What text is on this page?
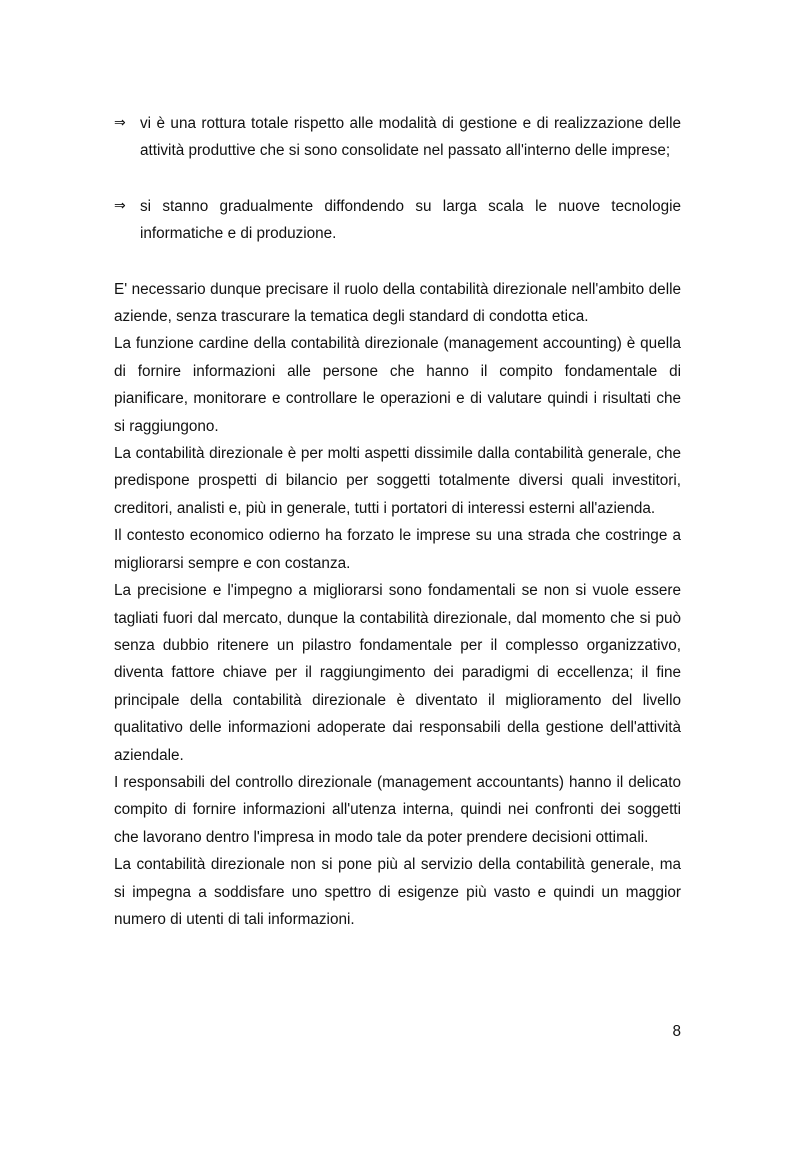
⇒ vi è una rottura totale rispetto alle modalità di gestione e di realizzazione delle attività produttive che si sono consolidate nel passato all'interno delle imprese;
⇒ si stanno gradualmente diffondendo su larga scala le nuove tecnologie informatiche e di produzione.

E' necessario dunque precisare il ruolo della contabilità direzionale nell'ambito delle aziende, senza trascurare la tematica degli standard di condotta etica.

La funzione cardine della contabilità direzionale (management accounting) è quella di fornire informazioni alle persone che hanno il compito fondamentale di pianificare, monitorare e controllare le operazioni e di valutare quindi i risultati che si raggiungono.

La contabilità direzionale è per molti aspetti dissimile dalla contabilità generale, che predispone prospetti di bilancio per soggetti totalmente diversi quali investitori, creditori, analisti e, più in generale, tutti i portatori di interessi esterni all'azienda.

Il contesto economico odierno ha forzato le imprese su una strada che costringe a migliorarsi sempre e con costanza.

La precisione e l'impegno a migliorarsi sono fondamentali se non si vuole essere tagliati fuori dal mercato, dunque la contabilità direzionale, dal momento che si può senza dubbio ritenere un pilastro fondamentale per il complesso organizzativo, diventa fattore chiave per il raggiungimento dei paradigmi di eccellenza; il fine principale della contabilità direzionale è diventato il miglioramento del livello qualitativo delle informazioni adoperate dai responsabili della gestione dell'attività aziendale.

I responsabili del controllo direzionale (management accountants) hanno il delicato compito di fornire informazioni all'utenza interna, quindi nei confronti dei soggetti che lavorano dentro l'impresa in modo tale da poter prendere decisioni ottimali.

La contabilità direzionale non si pone più al servizio della contabilità generale, ma si impegna a soddisfare uno spettro di esigenze più vasto e quindi un maggior numero di utenti di tali informazioni.

8
